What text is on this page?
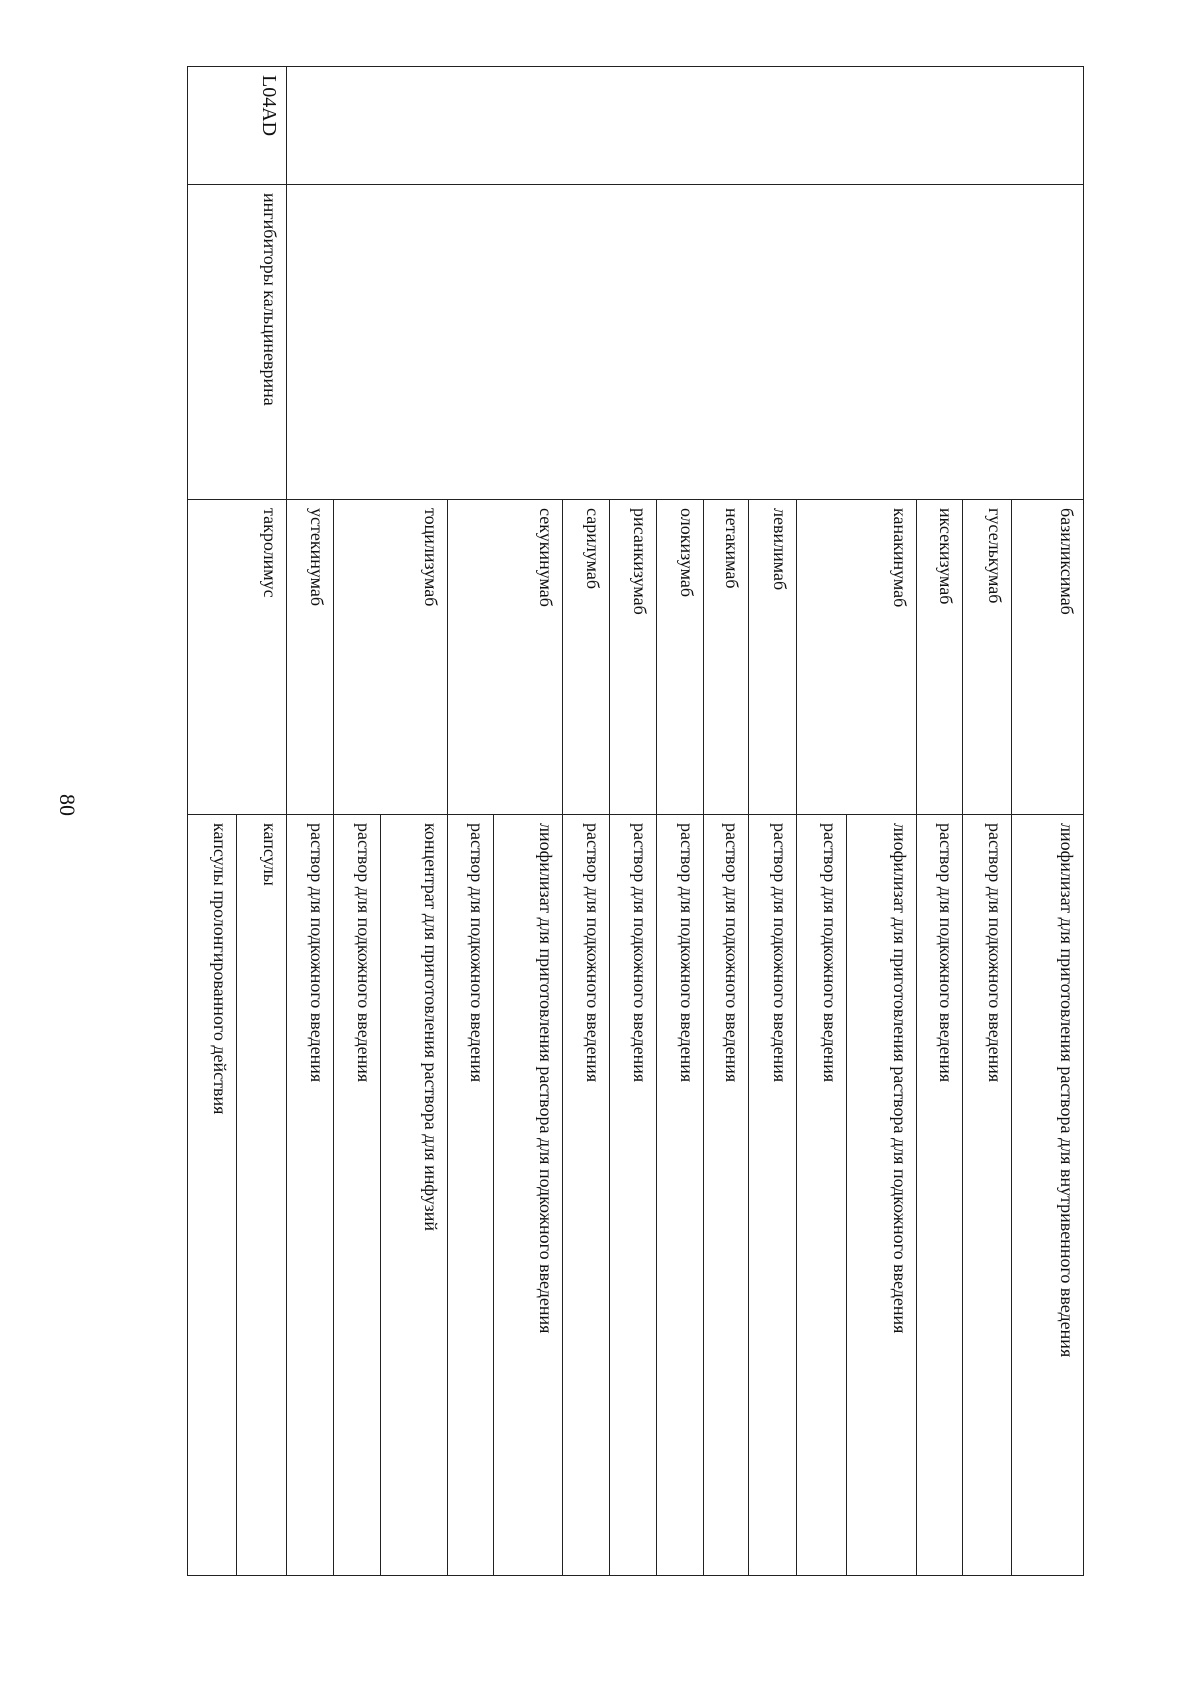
80
		базиликсимаб	лиофилизат для приготовления раствора для внутривенного введения
		гуселькумаб	раствор для подкожного введения
		иксекизумаб	раствор для подкожного введения
		канакинумаб	лиофилизат для приготовления раствора для подкожного введения
			раствор для подкожного введения
		левилимаб	раствор для подкожного введения
		нетакимаб	раствор для подкожного введения
		олокизумаб	раствор для подкожного введения
		рисанкизумаб	раствор для подкожного введения
		сарилумаб	раствор для подкожного введения
		секукинумаб	лиофилизат для приготовления раствора для подкожного введения
			раствор для подкожного введения
		тоцилизумаб	концентрат для приготовления раствора для инфузий
			раствор для подкожного введения
		устекинумаб	раствор для подкожного введения
L04AD	ингибиторы кальциневрина	такролимус	капсулы
			капсулы пролонгированного действия
